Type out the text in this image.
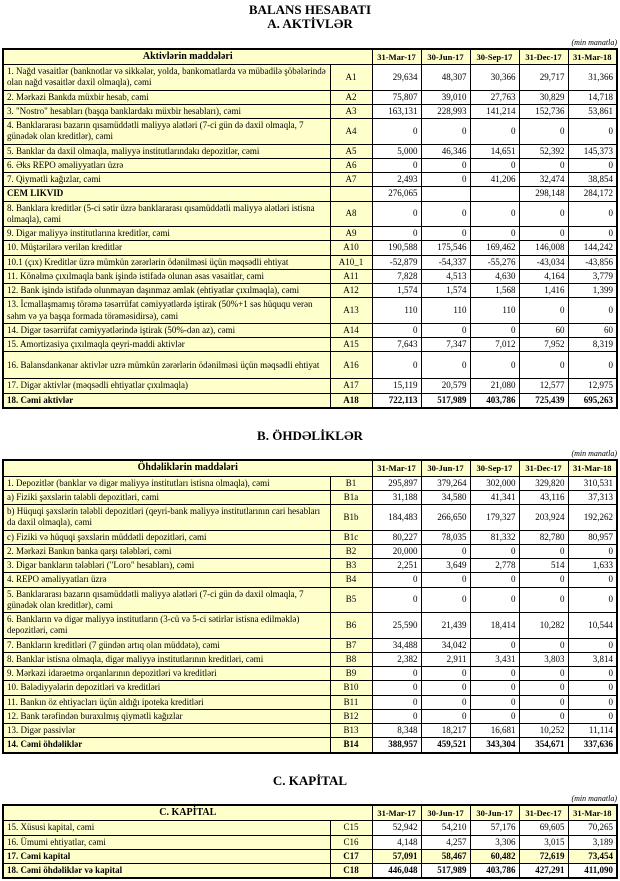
BALANS HESABATI
A. AKTİVLƏR
(min manatla)
Aktivlərin maddələri		31-Mar-17	30-Jun-17	30-Sep-17	31-Dec-17	31-Mar-18
1. Nağd vəsaitlər (banknotlar və sikkələr, yolda, bankomatlarda və mübadilə şöbələrində olan nağd vəsaitlər daxil olmaqla), cəmi	A1	29,634	48,307	30,366	29,717	31,366
2. Mərkəzi Bankda müxbir hesab, cəmi	A2	75,807	39,010	27,763	30,829	14,718
3. "Nostro" hesabları (başqa banklardakı müxbir hesabları), cəmi	A3	163,131	228,993	141,214	152,736	53,861
4. Banklararası bazarın qısamüddətli maliyyə alətləri (7-ci gün də daxil olmaqla, 7 günədək olan kreditlər), cəmi	A4	0	0	0	0	0
5. Banklar da daxil olmaqla, maliyyə institutlarındakı depozitlər, cəmi	A5	5,000	46,346	14,651	52,392	145,373
6. Əks REPO əməliyyatları üzrə	A6	0	0	0	0	0
7. Qiymətli kağızlar, cəmi	A7	2,493	0	41,206	32,474	38,854
CEM LIKVID		276,065			298,148	284,172
8. Banklara kreditlər (5-ci sətir üzrə banklararası qısamüddətli maliyyə alətləri istisna olmaqla), cəmi	A8	0	0	0	0	0
9. Digər maliyyə institutlarına kreditlər, cəmi	A9	0	0	0	0	0
10. Müştərilərə verilən kreditlər	A10	190,588	175,546	169,462	146,008	144,242
10.1 (çıx) Kreditlər üzrə mümkün zərərlərin ödənilməsi üçün məqsədli ehtiyat	A10_1	-52,879	-54,337	-55,276	-43,034	-43,856
11. Könəlmə çıxılmaqla bank işində istifadə olunan əsas vəsaitlər, cəmi	A11	7,828	4,513	4,630	4,164	3,779
12. Bank işində istifadə olunmayan daşınmaz əmlak (ehtiyatlar çıxılmaqla), cəmi	A12	1,574	1,574	1,568	1,416	1,399
13. İcmallaşmamış törəmə təsərrüfat cəmiyyətlərdə iştirak (50%+1 səs hüququ verən səhm və ya başqa formada törəməsidirsə), cəmi	A13	110	110	110	0	0
14. Digər təsərrüfat cəmiyyətlərində iştirak (50%-dən az), cəmi	A14	0	0	0	60	60
15. Amortizasiya çıxılmaqla qeyri-maddi aktivlər	A15	7,643	7,347	7,012	7,952	8,319
16. Balansdankənar aktivlər uzrə mümkün zərərlərin ödənilməsi üçün məqsədli ehtiyat	A16	0	0	0	0	0
17. Digər aktivlər (məqsədli ehtiyatlar çıxılmaqla)	A17	15,119	20,579	21,080	12,577	12,975
18. Cəmi aktivlər	A18	722,113	517,989	403,786	725,439	695,263
B. ÖHDƏLİKLƏR
(min manatla)
Öhdəliklərin maddələri		31-Mar-17	30-Jun-17	30-Sep-17	31-Dec-17	31-Mar-18
1. Depozitlər (banklar və digər maliyyə institutları istisna olmaqla), cəmi	B1	295,897	379,264	302,000	329,820	310,531
a) Fiziki şəxslərin tələbli depozitləri, cəmi	B1a	31,188	34,580	41,341	43,116	37,313
b) Hüquqi şəxslərin tələbli depozitləri (qeyri-bank maliyyə institutlarının cari hesabları da daxil olmaqla), cəmi	B1b	184,483	266,650	179,327	203,924	192,262
c) Fiziki və hüquqi şəxslərin müddətli depozitləri, cəmi	B1c	80,227	78,035	81,332	82,780	80,957
2. Mərkəzi Bankın banka qarşı tələbləri, cəmi	B2	20,000	0	0	0	0
3. Digər bankların tələbləri ("Loro" hesabları), cəmi	B3	2,251	3,649	2,778	514	1,633
4. REPO əməliyyatları üzrə	B4	0	0	0	0	0
5. Banklararası bazarın qısamüddətli maliyyə alətləri (7-ci gün də daxil olmaqla, 7 günədək olan kreditlər), cəmi	B5	0	0	0	0	0
6. Bankların və digər maliyyə institutların (3-cü və 5-ci sətirlər istisna edilməklə) depozitləri, cəmi	B6	25,590	21,439	18,414	10,282	10,544
7. Bankların kreditləri (7 gündən artıq olan müddətə), cəmi	B7	34,488	34,042	0	0	0
8. Banklar istisna olmaqla, digər maliyyə institutlarının kreditləri, cəmi	B8	2,382	2,911	3,431	3,803	3,814
9. Mərkəzi idarəetmə orqanlarının depozitləri və kreditləri	B9	0	0	0	0	0
10. Bələdiyyələrin depozitləri və kreditləri	B10	0	0	0	0	0
11. Bankın öz ehtiyacları üçün aldığı ipoteka kreditləri	B11	0	0	0	0	0
12. Bank tərəfindən buraxılmış qiymətli kağızlar	B12	0	0	0	0	0
13. Digər passivlər	B13	8,348	18,217	16,681	10,252	11,114
14. Cəmi öhdəliklər	B14	388,957	459,521	343,304	354,671	337,636
C. KAPİTAL
(min manatla)
C. KAPİTAL		31-Mar-17	30-Jun-17	30-Jun-17	31-Dec-17	31-Mar-18
15. Xüsusi kapital, cəmi	C15	52,942	54,210	57,176	69,605	70,265
16. Ümumi ehtiyatlar, cəmi	C16	4,148	4,257	3,306	3,015	3,189
17. Cəmi kapital	C17	57,091	58,467	60,482	72,619	73,454
18. Cəmi öhdəliklər və kapital	C18	446,048	517,989	403,786	427,291	411,090
